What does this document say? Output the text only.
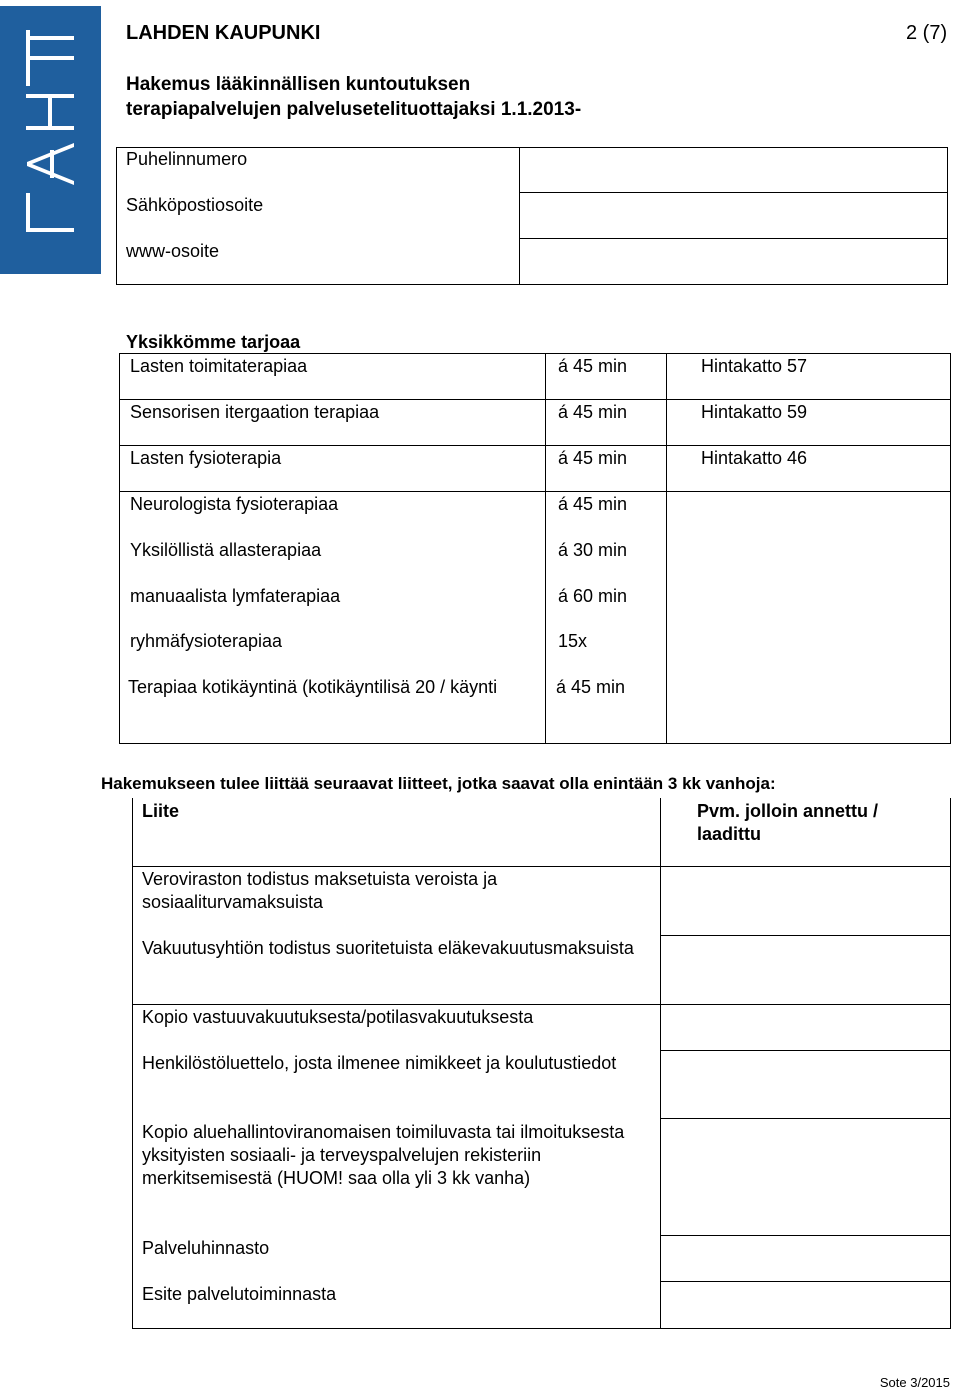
LAHDEN KAUPUNKI	2 (7)
Hakemus lääkinnällisen kuntoutuksen
terapiapalvelujen palvelusetelituottajaksi 1.1.2013-
Puhelinnumero
Sähköpostiosoite
www-osoite
Yksikkömme tarjoaa
Lasten toimitaterapiaa	á 45 min	Hintakatto 57
Sensorisen itergaation terapiaa	á 45 min	Hintakatto 59
Lasten fysioterapia	á 45 min	Hintakatto 46
Neurologista fysioterapiaa	á 45 min
Yksilöllistä allasterapiaa	á 30 min
manuaalista lymfaterapiaa	á 60 min
ryhmäfysioterapiaa	15x
Terapiaa kotikäyntinä (kotikäyntilisä 20 / käynti	á 45 min
Hakemukseen tulee liittää seuraavat liitteet, jotka saavat olla enintään 3 kk vanhoja:
Liite	Pvm. jolloin annettu / laadittu
Veroviraston todistus maksetuista veroista ja sosiaaliturvamaksuista
Vakuutusyhtiön todistus suoritetuista eläkevakuutusmaksuista
Kopio vastuuvakuutuksesta/potilasvakuutuksesta
Henkilöstöluettelo, josta ilmenee nimikkeet ja koulutustiedot
Kopio aluehallintoviranomaisen toimiluvasta tai ilmoituksesta yksityisten sosiaali- ja terveyspalvelujen rekisteriin merkitsemisestä (HUOM! saa olla yli 3 kk vanha)
Palveluhinnasto
Esite palvelutoiminnasta
Sote 3/2015
